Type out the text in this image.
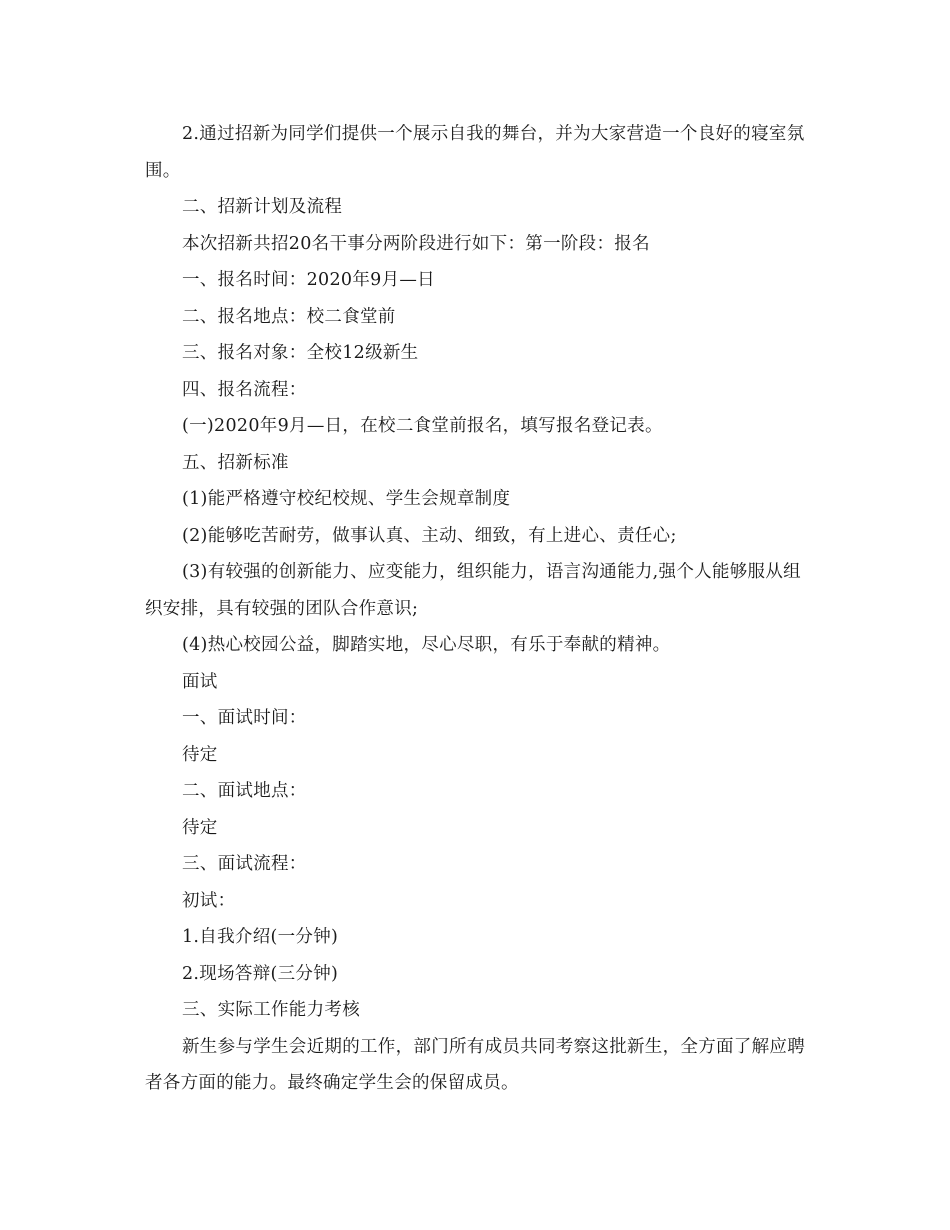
2.通过招新为同学们提供一个展示自我的舞台，并为大家营造一个良好的寝室氛围。

二、招新计划及流程

本次招新共招20名干事分两阶段进行如下：第一阶段：报名

一、报名时间：2020年9月—日

二、报名地点：校二食堂前

三、报名对象：全校12级新生

四、报名流程：

(一)2020年9月—日，在校二食堂前报名，填写报名登记表。

五、招新标准

(1)能严格遵守校纪校规、学生会规章制度

(2)能够吃苦耐劳，做事认真、主动、细致，有上进心、责任心;

(3)有较强的创新能力、应变能力，组织能力，语言沟通能力,强个人能够服从组织安排，具有较强的团队合作意识;

(4)热心校园公益，脚踏实地，尽心尽职，有乐于奉献的精神。

面试

一、面试时间：

待定

二、面试地点：

待定

三、面试流程：

初试：

1.自我介绍(一分钟)

2.现场答辩(三分钟)

三、实际工作能力考核

新生参与学生会近期的工作，部门所有成员共同考察这批新生，全方面了解应聘者各方面的能力。最终确定学生会的保留成员。
